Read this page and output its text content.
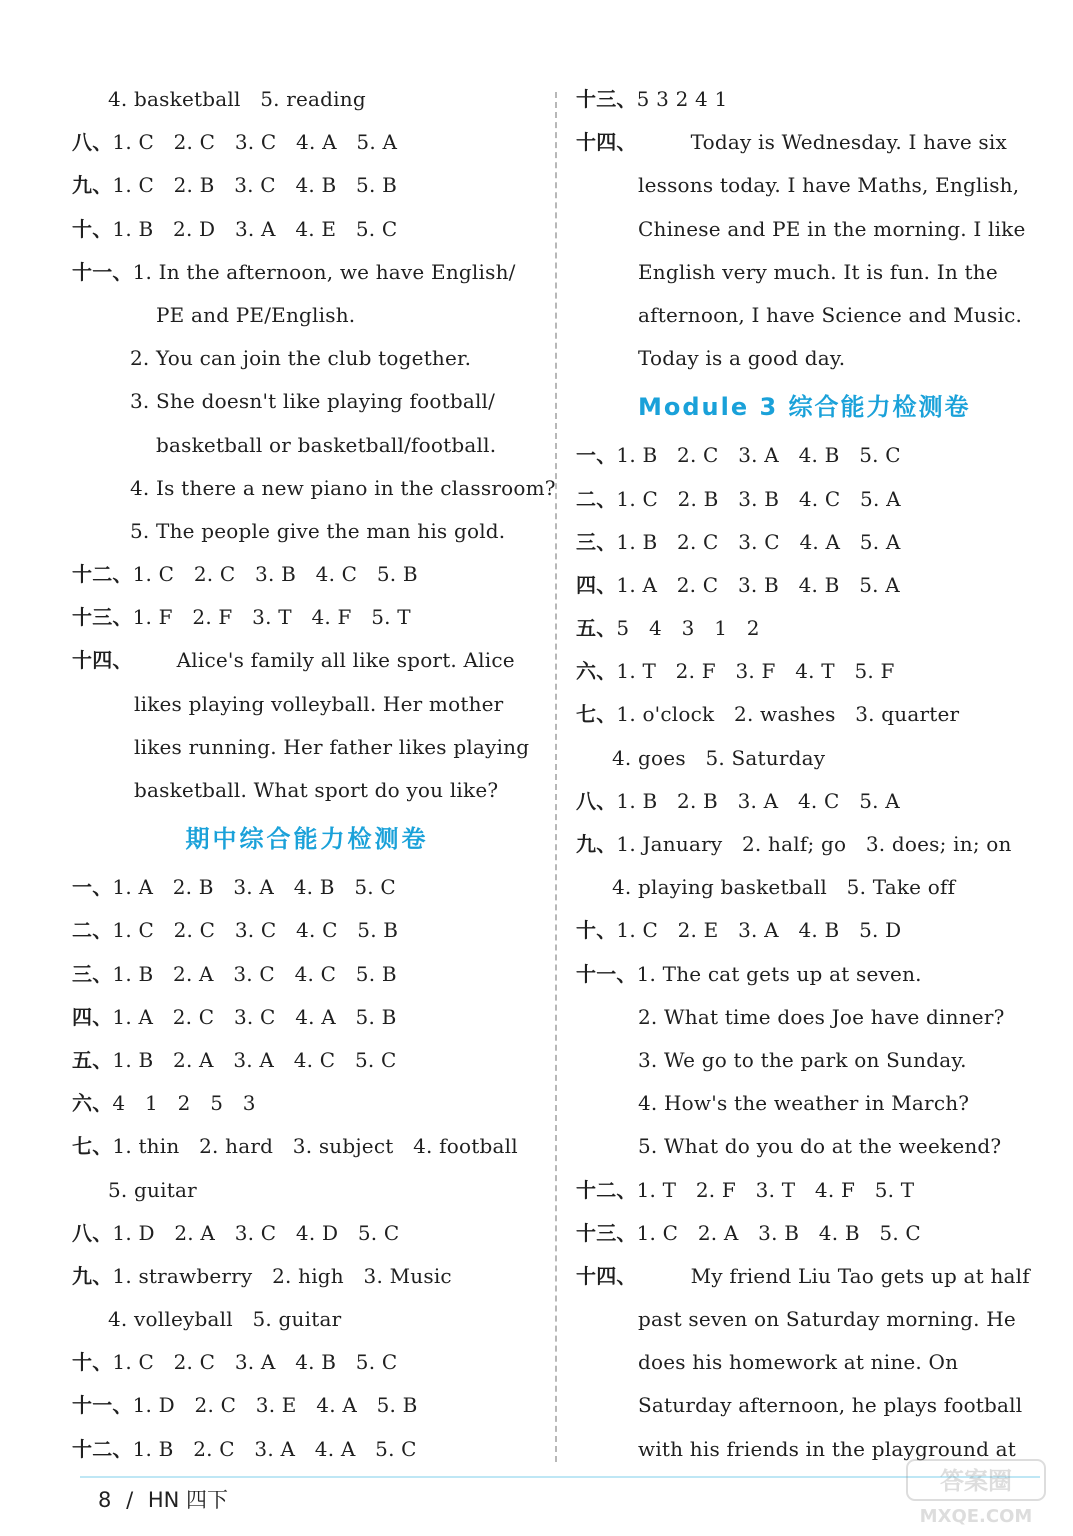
4. basketball   5. reading
八、1. C   2. C   3. C   4. A   5. A
九、1. C   2. B   3. C   4. B   5. B
十、1. B   2. D   3. A   4. E   5. C
十一、1. In the afternoon, we have English/
PE and PE/English.
2. You can join the club together.
3. She doesn't like playing football/
basketball or basketball/football.
4. Is there a new piano in the classroom?
5. The people give the man his gold.
十二、1. C   2. C   3. B   4. C   5. B
十三、1. F   2. F   3. T   4. F   5. T
十四、 Alice's family all like sport. Alice
likes playing volleyball. Her mother
likes running. Her father likes playing
basketball. What sport do you like?
期中综合能力检测卷
一、1. A   2. B   3. A   4. B   5. C
二、1. C   2. C   3. C   4. C   5. B
三、1. B   2. A   3. C   4. C   5. B
四、1. A   2. C   3. C   4. A   5. B
五、1. B   2. A   3. A   4. C   5. C
六、4   1   2   5   3
七、1. thin   2. hard   3. subject   4. football
5. guitar
八、1. D   2. A   3. C   4. D   5. C
九、1. strawberry   2. high   3. Music
4. volleyball   5. guitar
十、1. C   2. C   3. A   4. B   5. C
十一、1. D   2. C   3. E   4. A   5. B
十二、1. B   2. C   3. A   4. A   5. C
十三、5 3 2 4 1
十四、	Today is Wednesday. I have six
lessons today. I have Maths, English,
Chinese and PE in the morning. I like
English very much. It is fun. In the
afternoon, I have Science and Music.
Today is a good day.
Module 3 综合能力检测卷
一、1. B   2. C   3. A   4. B   5. C
二、1. C   2. B   3. B   4. C   5. A
三、1. B   2. C   3. C   4. A   5. A
四、1. A   2. C   3. B   4. B   5. A
五、5   4   3   1   2
六、1. T   2. F   3. F   4. T   5. F
七、1. o'clock   2. washes   3. quarter
4. goes   5. Saturday
八、1. B   2. B   3. A   4. C   5. A
九、1. January   2. half; go   3. does; in; on
4. playing basketball   5. Take off
十、1. C   2. E   3. A   4. B   5. D
十一、1. The cat gets up at seven.
2. What time does Joe have dinner?
3. We go to the park on Sunday.
4. How's the weather in March?
5. What do you do at the weekend?
十二、1. T   2. F   3. T   4. F   5. T
十三、1. C   2. A   3. B   4. B   5. C
十四、	My friend Liu Tao gets up at half
past seven on Saturday morning. He
does his homework at nine. On
Saturday afternoon, he plays football
with his friends in the playground at
8 / HN 四下
答案圈
MXQE.COM
